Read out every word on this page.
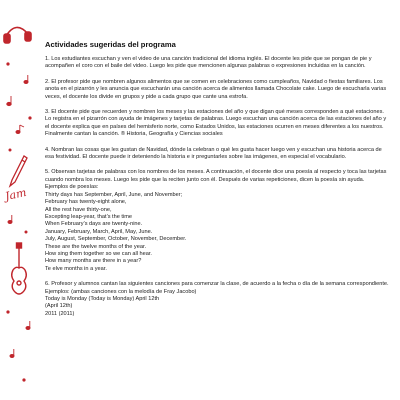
Jam
Actividades sugeridas del programa

1. Los estudiantes escuchan y ven el video de una canción tradicional del idioma inglés. El docente les pide que se pongan de pie y acompañen el coro con el baile del video. Luego les pide que mencionen algunas palabras o expresiones incluidas en la canción.

2. El profesor pide que nombren algunos alimentos que se comen en celebraciones como cumpleaños, Navidad o fiestas familiares. Los anota en el pizarrón y les anuncia que escucharán una canción acerca de alimentos llamada Chocolate cake. Luego de escucharla varias veces, el docente los divide en grupos y pide a cada grupo que cante una estrofa.

3. El docente pide que recuerden y nombren los meses y las estaciones del año y que digan qué meses corresponden a qué estaciones. Lo registra en el pizarrón con ayuda de imágenes y tarjetas de palabras. Luego escuchan una canción acerca de las estaciones del año y el docente explica que en países del hemisferio norte, como Estados Unidos, las estaciones ocurren en meses diferentes a los nuestros. Finalmente cantan la canción. ® Historia, Geografía y Ciencias sociales

4. Nombran las cosas que les gustan de Navidad, dónde la celebran o qué les gusta hacer luego ven y escuchan una historia acerca de esa festividad. El docente puede ir deteniendo la historia e ir preguntarles sobre las imágenes, en especial el vocabulario.

5. Observan tarjetas de palabras con los nombres de los meses. A continuación, el docente dice una poesía al respecto y toca las tarjetas cuando nombra los meses. Luego les pide que la reciten junto con él. Después de varias repeticiones, dicen la poesía sin ayuda.
Ejemplos de poesías:
Thirty days has September, April, June, and November;
February has twenty-eight alone,
All the rest have thirty-one,
Excepting leap-year, that’s the time
When February’s days are twenty-nine.
January, February, March, April, May, June.
July, August, September, October, November, December.
These are the twelve months of the year.
How sing them together so we can all hear.
How many months are there in a year?
Te elve months in a year.
6. Profesor y alumnos cantan las siguientes canciones para comenzar la clase, de acuerdo a la fecha o día de la semana correspondiente.
Ejemplos: (ambas canciones con la melodía de Fray Jacobo)
Today is Monday (Today is Monday) April 12th
(April 12th)
2011 (2011)
